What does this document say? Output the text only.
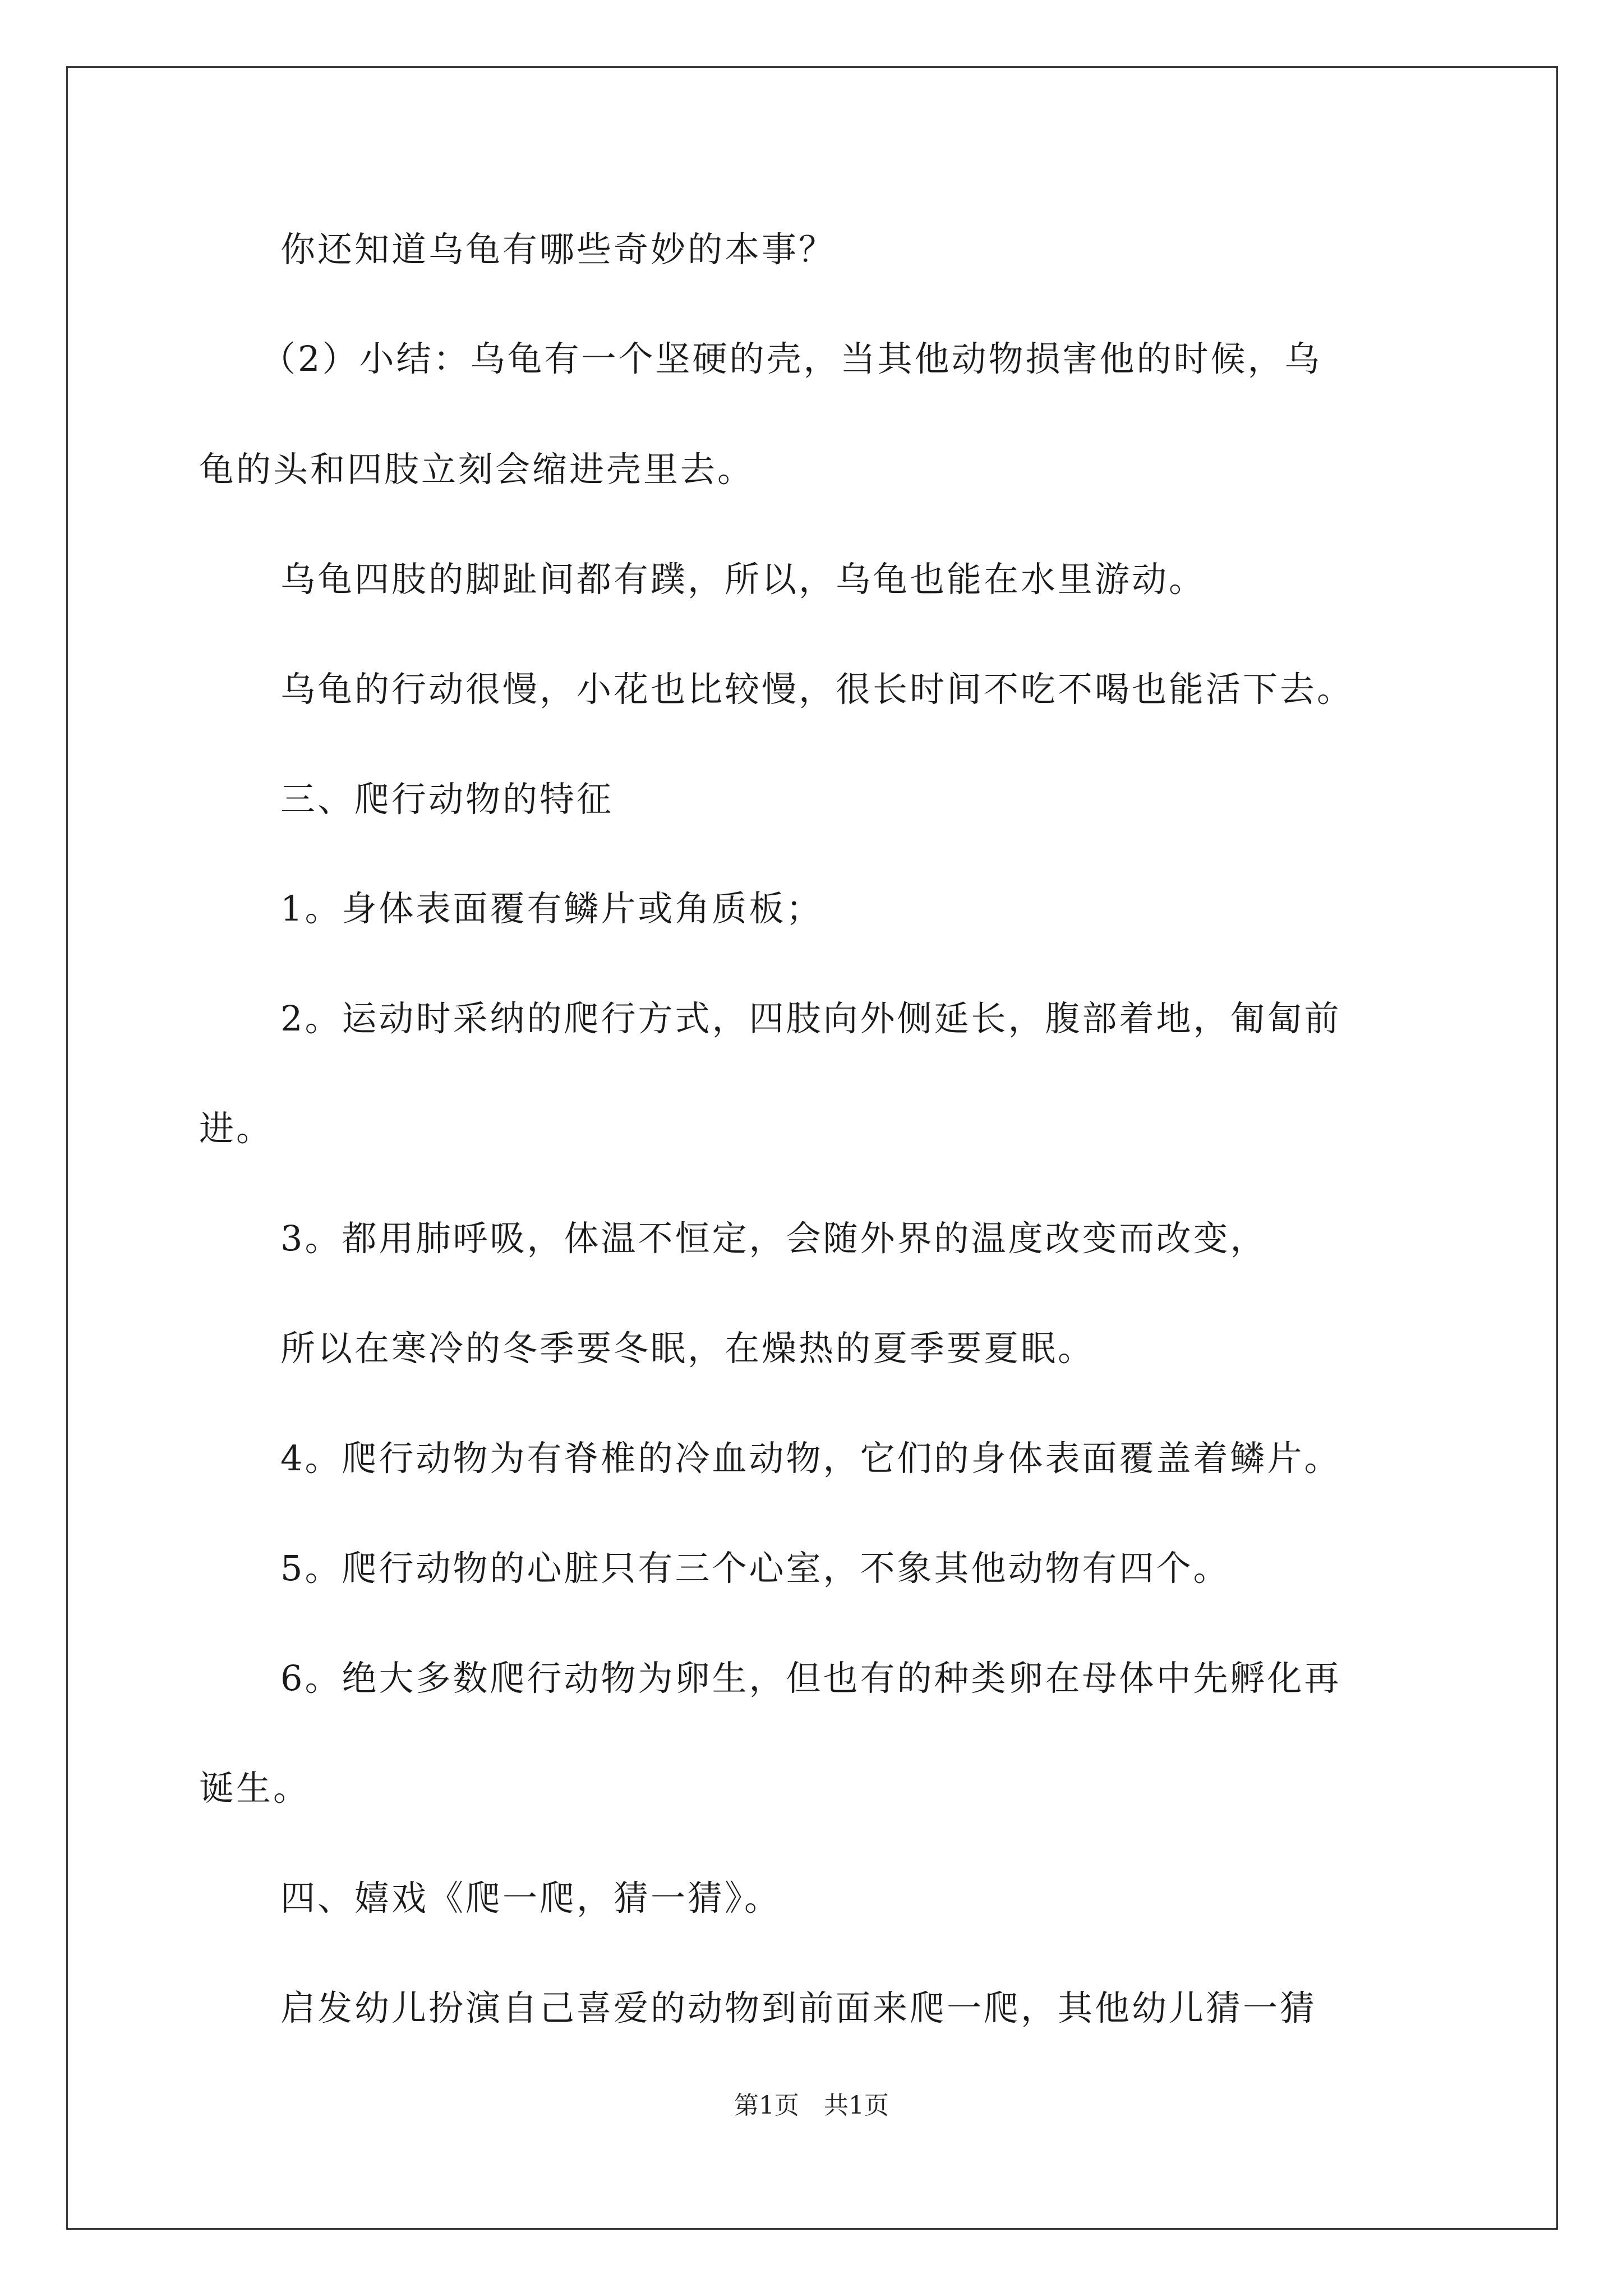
你还知道乌龟有哪些奇妙的本事？
（2）小结：乌龟有一个坚硬的壳，当其他动物损害他的时候，乌
龟的头和四肢立刻会缩进壳里去。
乌龟四肢的脚趾间都有蹼，所以，乌龟也能在水里游动。
乌龟的行动很慢，小花也比较慢，很长时间不吃不喝也能活下去。
三、爬行动物的特征
1。身体表面覆有鳞片或角质板；
2。运动时采纳的爬行方式，四肢向外侧延长，腹部着地，匍匐前
进。
3。都用肺呼吸，体温不恒定，会随外界的温度改变而改变，
所以在寒冷的冬季要冬眠，在燥热的夏季要夏眠。
4。爬行动物为有脊椎的冷血动物，它们的身体表面覆盖着鳞片。
5。爬行动物的心脏只有三个心室，不象其他动物有四个。
6。绝大多数爬行动物为卵生，但也有的种类卵在母体中先孵化再
诞生。
四、嬉戏《爬一爬，猜一猜》。
启发幼儿扮演自己喜爱的动物到前面来爬一爬，其他幼儿猜一猜
第1页　共1页
